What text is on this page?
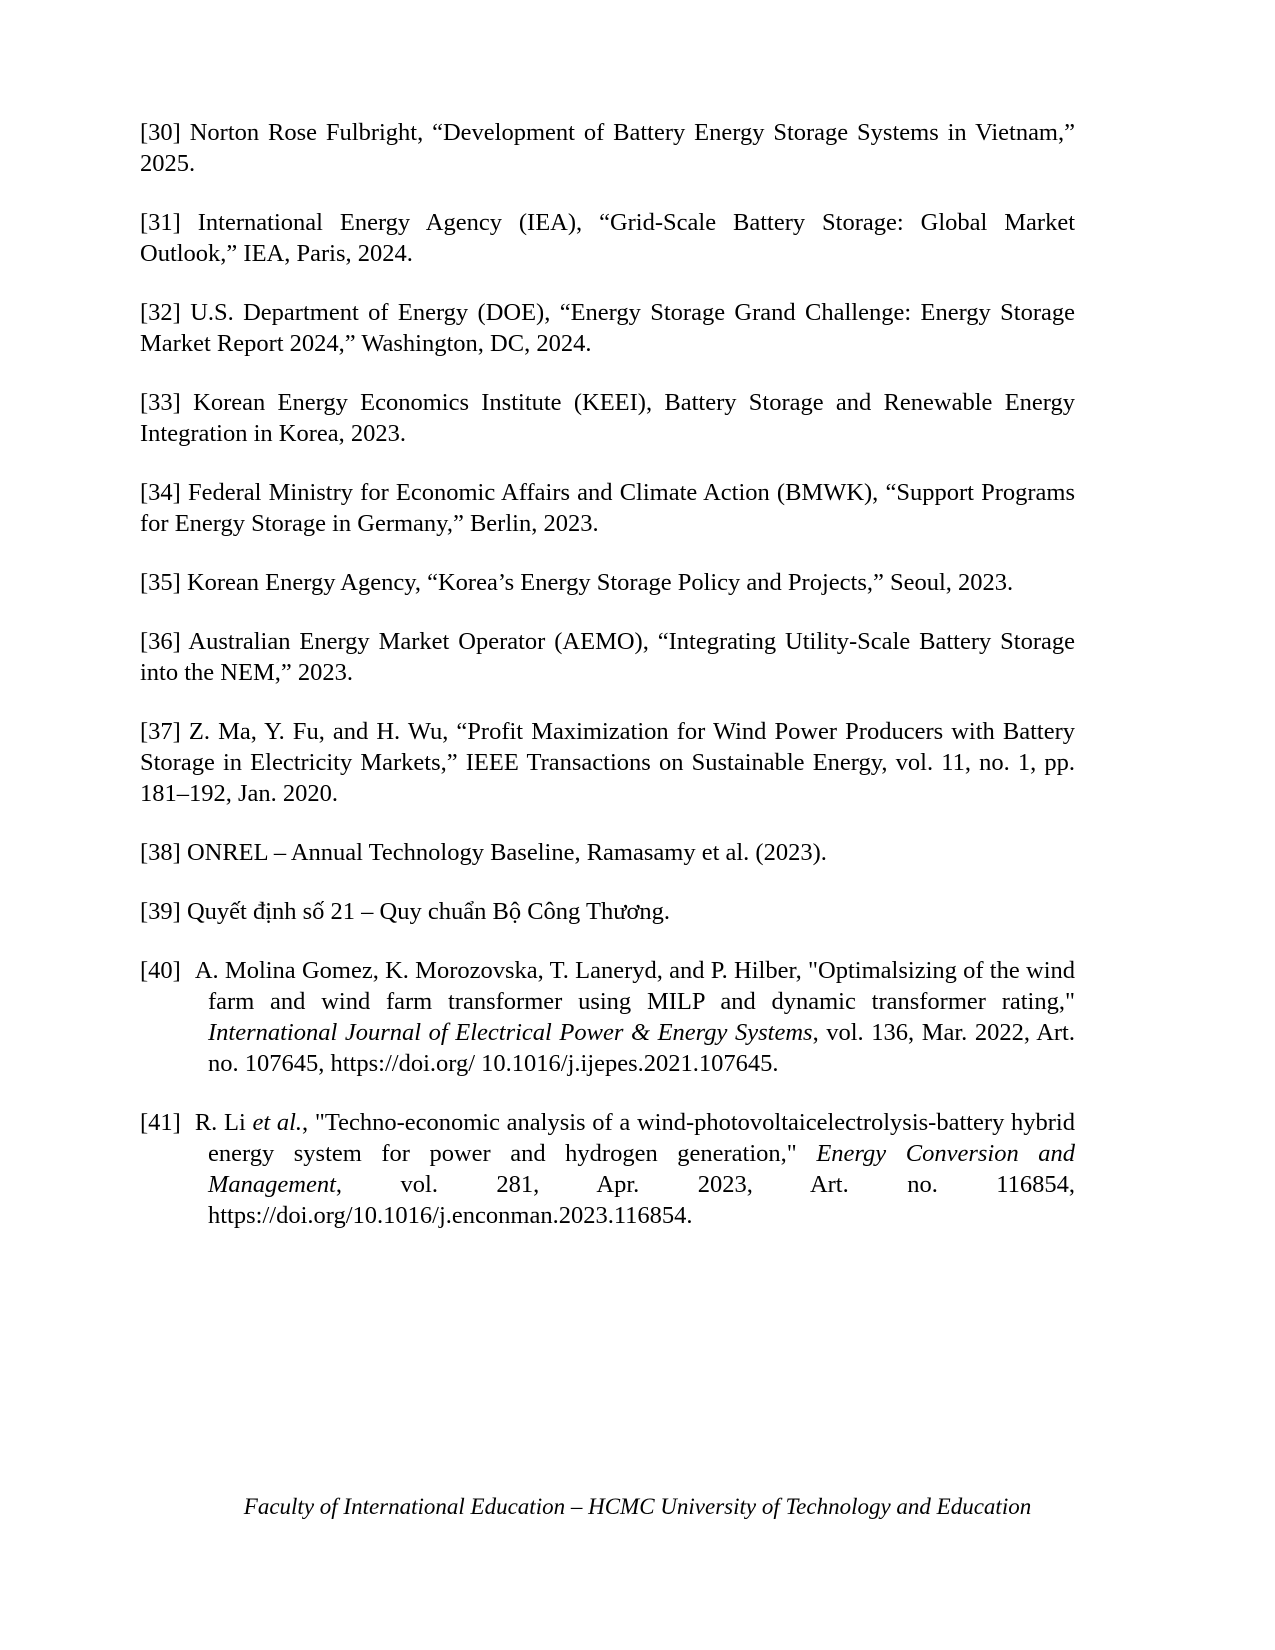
[30] Norton Rose Fulbright, “Development of Battery Energy Storage Systems in Vietnam,” 2025.

[31] International Energy Agency (IEA), “Grid-Scale Battery Storage: Global Market Outlook,” IEA, Paris, 2024.

[32] U.S. Department of Energy (DOE), “Energy Storage Grand Challenge: Energy Storage Market Report 2024,” Washington, DC, 2024.

[33] Korean Energy Economics Institute (KEEI), Battery Storage and Renewable Energy Integration in Korea, 2023.

[34] Federal Ministry for Economic Affairs and Climate Action (BMWK), “Support Programs for Energy Storage in Germany,” Berlin, 2023.

[35] Korean Energy Agency, “Korea’s Energy Storage Policy and Projects,” Seoul, 2023.

[36] Australian Energy Market Operator (AEMO), “Integrating Utility-Scale Battery Storage into the NEM,” 2023.

[37] Z. Ma, Y. Fu, and H. Wu, “Profit Maximization for Wind Power Producers with Battery Storage in Electricity Markets,” IEEE Transactions on Sustainable Energy, vol. 11, no. 1, pp. 181–192, Jan. 2020.

[38] ONREL – Annual Technology Baseline, Ramasamy et al. (2023).

[39] Quyết định số 21 – Quy chuẩn Bộ Công Thương.

[40] A. Molina Gomez, K. Morozovska, T. Laneryd, and P. Hilber, "Optimalsizing of the wind farm and wind farm transformer using MILP and dynamic transformer rating," International Journal of Electrical Power & Energy Systems, vol. 136, Mar. 2022, Art. no. 107645, https://doi.org/ 10.1016/j.ijepes.2021.107645.

[41] R. Li et al., "Techno-economic analysis of a wind-photovoltaicelectrolysis-battery hybrid energy system for power and hydrogen generation," Energy Conversion and Management, vol. 281, Apr. 2023, Art. no. 116854, https://doi.org/10.1016/j.enconman.2023.116854.

Faculty of International Education – HCMC University of Technology and Education
